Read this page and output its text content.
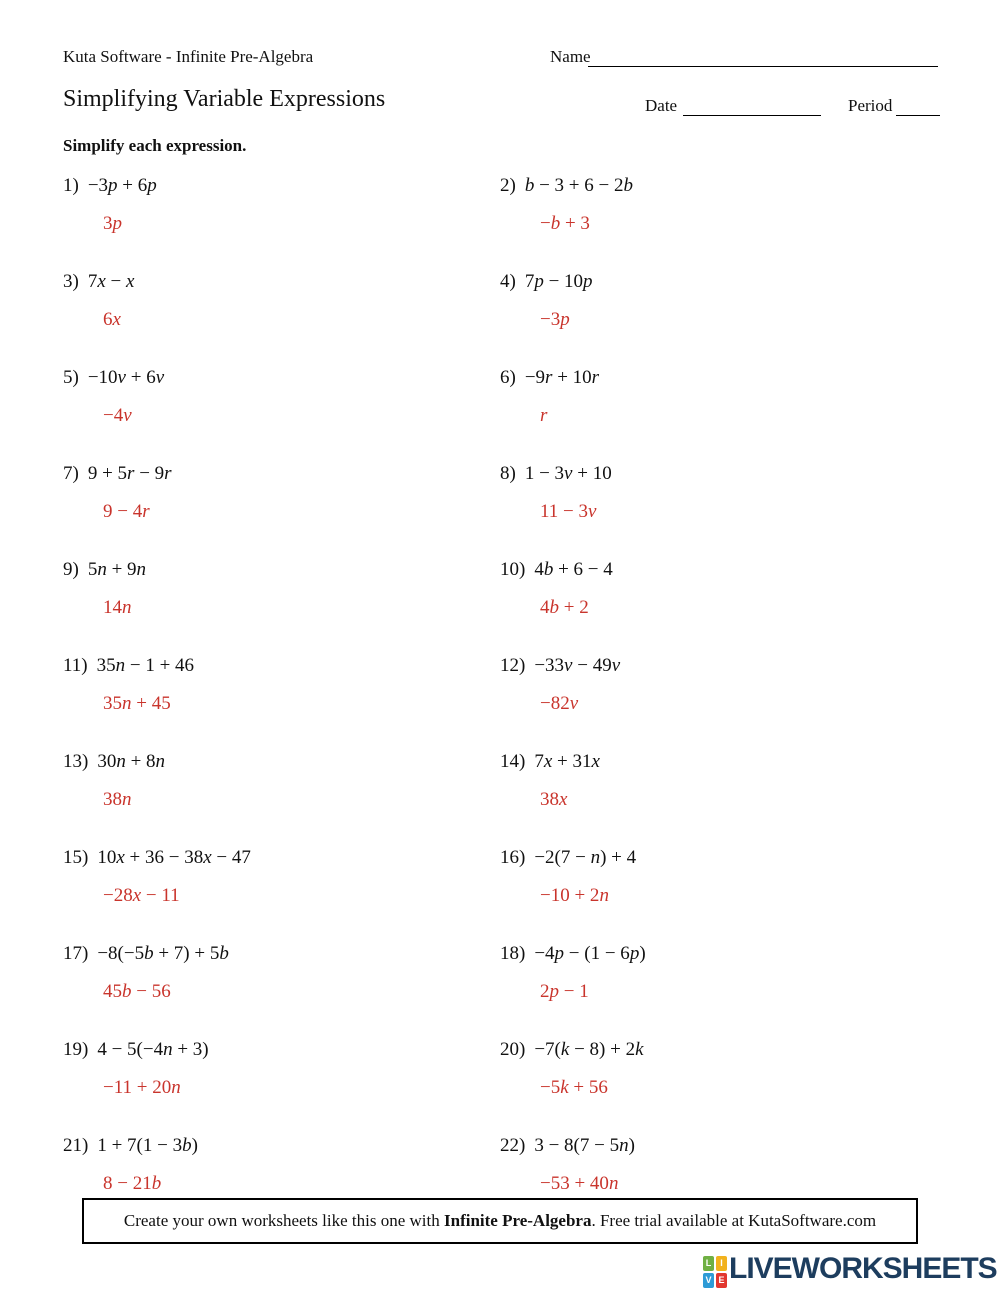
Kuta Software - Infinite Pre-Algebra	Name
Simplifying Variable Expressions	Date	Period
Simplify each expression.
1) −3p + 6p
3p
2) b − 3 + 6 − 2b
−b + 3
3) 7x − x
6x
4) 7p − 10p
−3p
5) −10v + 6v
−4v
6) −9r + 10r
r
7) 9 + 5r − 9r
9 − 4r
8) 1 − 3v + 10
11 − 3v
9) 5n + 9n
14n
10) 4b + 6 − 4
4b + 2
11) 35n − 1 + 46
35n + 45
12) −33v − 49v
−82v
13) 30n + 8n
38n
14) 7x + 31x
38x
15) 10x + 36 − 38x − 47
−28x − 11
16) −2(7 − n) + 4
−10 + 2n
17) −8(−5b + 7) + 5b
45b − 56
18) −4p − (1 − 6p)
2p − 1
19) 4 − 5(−4n + 3)
−11 + 20n
20) −7(k − 8) + 2k
−5k + 56
21) 1 + 7(1 − 3b)
8 − 21b
22) 3 − 8(7 − 5n)
−53 + 40n
Create your own worksheets like this one with Infinite Pre-Algebra. Free trial available at KutaSoftware.com
L I
V E LIVEWORKSHEETS
